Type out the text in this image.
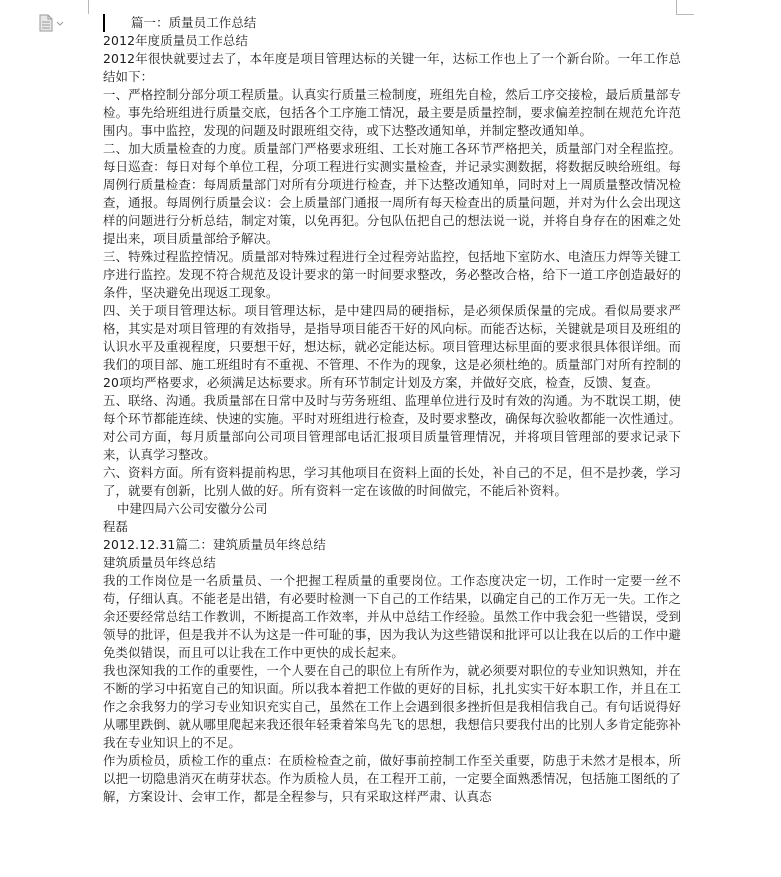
篇一：质量员工作总结

2012年度质量员工作总结

2012年很快就要过去了，本年度是项目管理达标的关键一年，达标工作也上了一个新台阶。一年工作总结如下：

一、严格控制分部分项工程质量。认真实行质量三检制度，班组先自检，然后工序交接检，最后质量部专检。事先给班组进行质量交底，包括各个工序施工情况，最主要是质量控制，要求偏差控制在规范允许范围内。事中监控，发现的问题及时跟班组交待，或下达整改通知单，并制定整改通知单。

二、加大质量检查的力度。质量部门严格要求班组、工长对施工各环节严格把关，质量部门对全程监控。每日巡查：每日对每个单位工程，分项工程进行实测实量检查，并记录实测数据，将数据反映给班组。每周例行质量检查：每周质量部门对所有分项进行检查，并下达整改通知单，同时对上一周质量整改情况检查，通报。每周例行质量会议：会上质量部门通报一周所有每天检查出的质量问题，并对为什么会出现这样的问题进行分析总结，制定对策，以免再犯。分包队伍把自己的想法说一说，并将自身存在的困难之处提出来，项目质量部给予解决。

三、特殊过程监控情况。质量部对特殊过程进行全过程旁站监控，包括地下室防水、电渣压力焊等关键工序进行监控。发现不符合规范及设计要求的第一时间要求整改，务必整改合格，给下一道工序创造最好的条件，坚决避免出现返工现象。

四、关于项目管理达标。项目管理达标，是中建四局的硬指标，是必须保质保量的完成。看似局要求严格，其实是对项目管理的有效指导，是指导项目能否干好的风向标。而能否达标，关键就是项目及班组的认识水平及重视程度，只要想干好，想达标，就必定能达标。项目管理达标里面的要求很具体很详细。而我们的项目部、施工班组时有不重视、不管理、不作为的现象，这是必须杜绝的。质量部门对所有控制的20项均严格要求，必须满足达标要求。所有环节制定计划及方案，并做好交底，检查，反馈、复查。

五、联络、沟通。我质量部在日常中及时与劳务班组、监理单位进行及时有效的沟通。为不耽误工期，使每个环节都能连续、快速的实施。平时对班组进行检查，及时要求整改，确保每次验收都能一次性通过。对公司方面，每月质量部向公司项目管理部电话汇报项目质量管理情况，并将项目管理部的要求记录下来，认真学习整改。

六、资料方面。所有资料提前构思，学习其他项目在资料上面的长处，补自己的不足，但不是抄袭，学习了，就要有创新，比别人做的好。所有资料一定在该做的时间做完，不能后补资料。

中建四局六公司安徽分公司

程磊

2012.12.31篇二：建筑质量员年终总结

建筑质量员年终总结

我的工作岗位是一名质量员、一个把握工程质量的重要岗位。工作态度决定一切，工作时一定要一丝不苟，仔细认真。不能老是出错，有必要时检测一下自己的工作结果，以确定自己的工作万无一失。工作之余还要经常总结工作教训，不断提高工作效率，并从中总结工作经验。虽然工作中我会犯一些错误，受到领导的批评，但是我并不认为这是一件可耻的事，因为我认为这些错误和批评可以让我在以后的工作中避免类似错误，而且可以让我在工作中更快的成长起来。

我也深知我的工作的重要性，一个人要在自己的职位上有所作为，就必须要对职位的专业知识熟知，并在不断的学习中拓宽自己的知识面。所以我本着把工作做的更好的目标，扎扎实实干好本职工作，并且在工作之余我努力的学习专业知识充实自己，虽然在工作上会遇到很多挫折但是我相信我自己。有句话说得好从哪里跌倒、就从哪里爬起来我还很年轻秉着笨鸟先飞的思想，我想信只要我付出的比别人多肯定能弥补我在专业知识上的不足。

作为质检员，质检工作的重点：在质检检查之前，做好事前控制工作至关重要，防患于未然才是根本，所以把一切隐患消灭在萌芽状态。作为质检人员，在工程开工前，一定要全面熟悉情况，包括施工图纸的了解，方案设计、会审工作，都是全程参与，只有采取这样严肃、认真态
